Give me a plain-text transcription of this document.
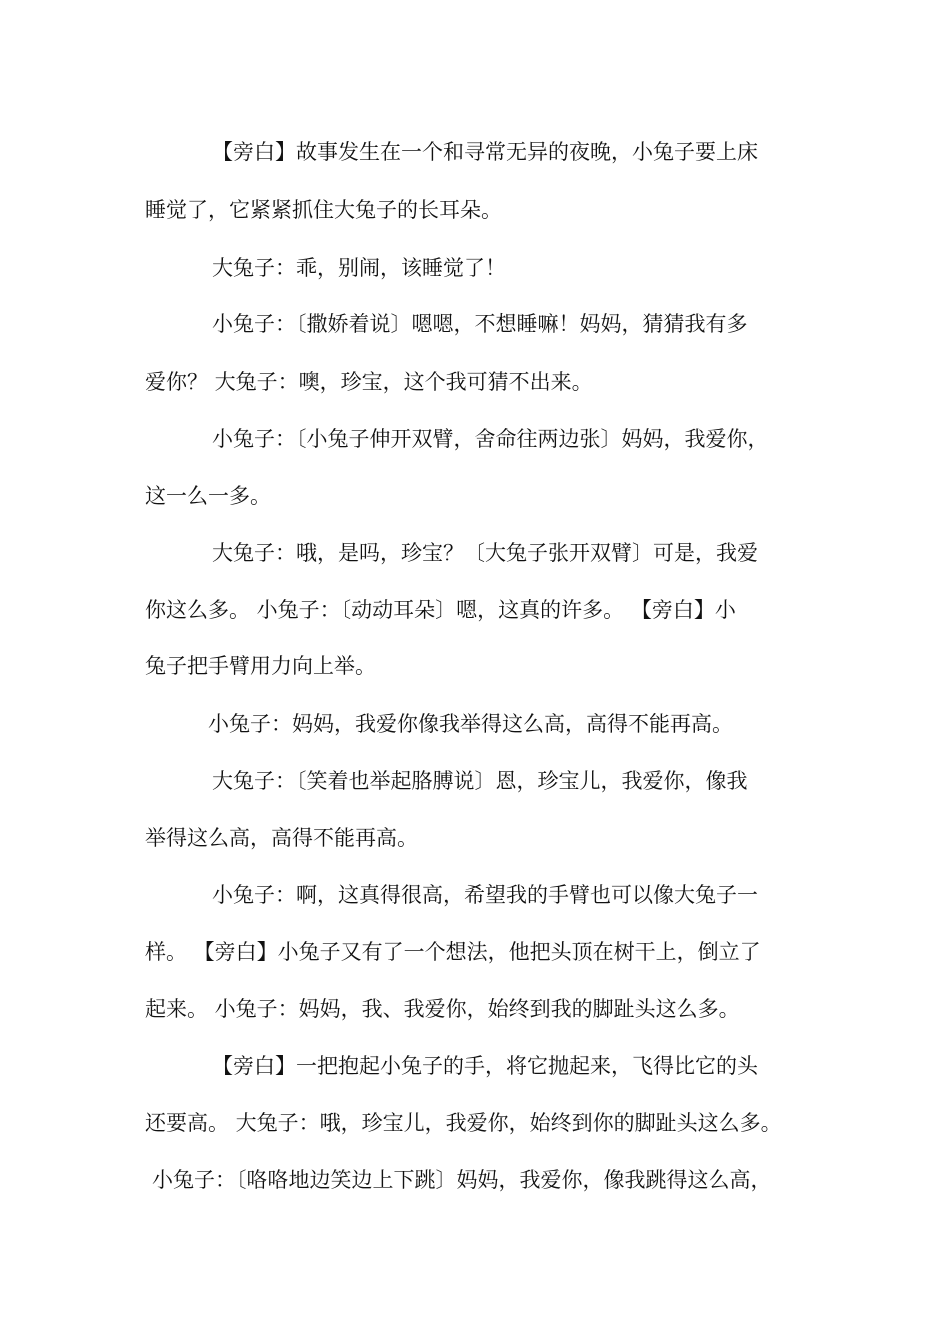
【旁白】故事发生在一个和寻常无异的夜晚，小兔子要上床
睡觉了，它紧紧抓住大兔子的长耳朵。
大兔子：乖，别闹，该睡觉了！
小兔子：〔撒娇着说〕嗯嗯，不想睡嘛！妈妈，猜猜我有多
爱你？ 大兔子：噢，珍宝，这个我可猜不出来。
小兔子：〔小兔子伸开双臂，舍命往两边张〕妈妈，我爱你，
这一么一多。
大兔子：哦，是吗，珍宝？〔大兔子张开双臂〕可是，我爱
你这么多。 小兔子：〔动动耳朵〕嗯，这真的许多。 【旁白】小
兔子把手臂用力向上举。
小兔子：妈妈，我爱你像我举得这么高，高得不能再高。
大兔子：〔笑着也举起胳膊说〕恩，珍宝儿，我爱你，像我
举得这么高，高得不能再高。
小兔子：啊，这真得很高，希望我的手臂也可以像大兔子一
样。 【旁白】小兔子又有了一个想法，他把头顶在树干上，倒立了
起来。 小兔子：妈妈，我、我爱你，始终到我的脚趾头这么多。
【旁白】一把抱起小兔子的手，将它抛起来，飞得比它的头
还要高。 大兔子：哦，珍宝儿，我爱你，始终到你的脚趾头这么多。
小兔子：〔咯咯地边笑边上下跳〕妈妈，我爱你，像我跳得这么高，
